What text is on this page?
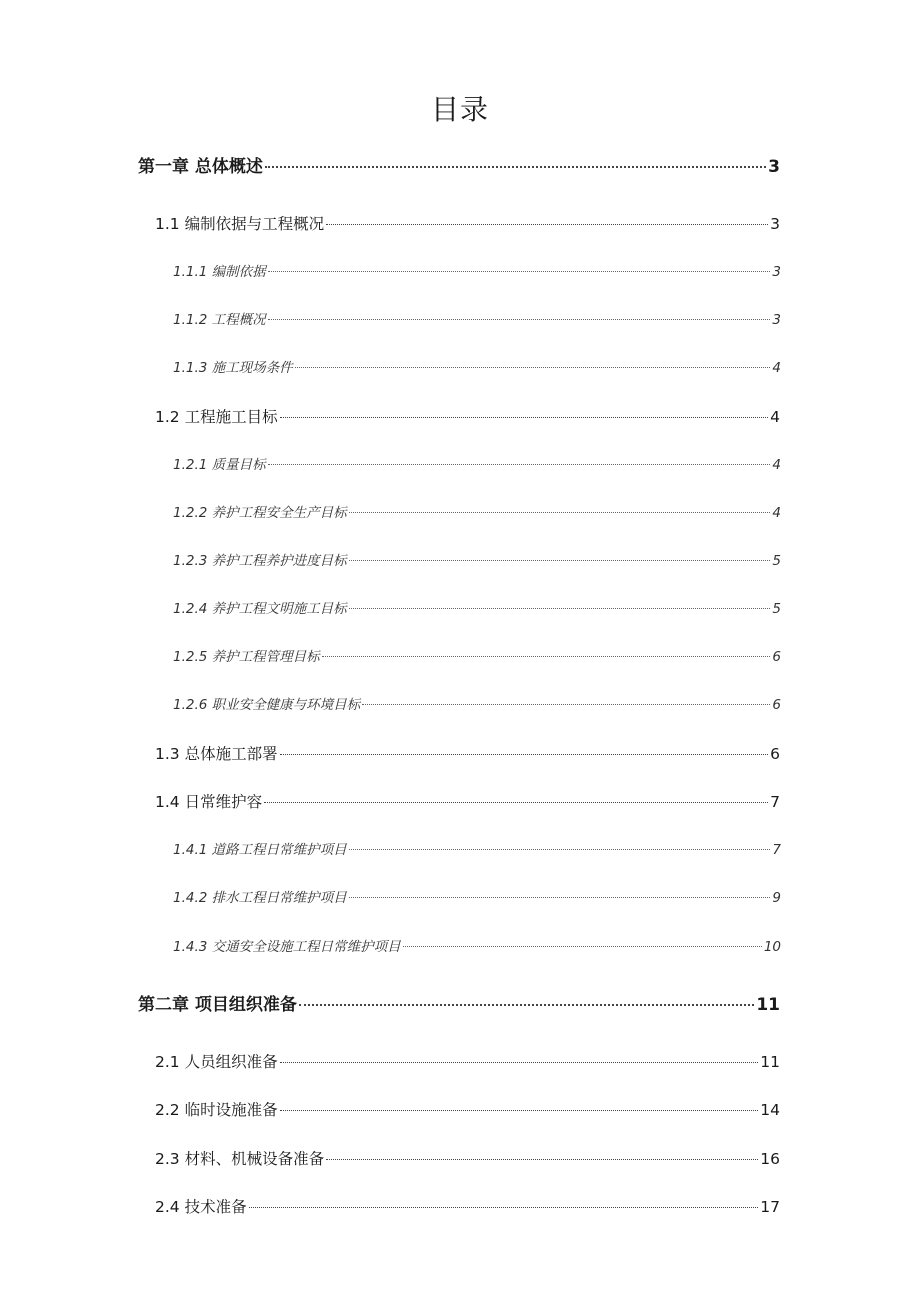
目录
第一章 总体概述	3
1.1 编制依据与工程概况	3
1.1.1 编制依据	3
1.1.2 工程概况	3
1.1.3 施工现场条件	4
1.2 工程施工目标	4
1.2.1 质量目标	4
1.2.2 养护工程安全生产目标	4
1.2.3 养护工程养护进度目标	5
1.2.4 养护工程文明施工目标	5
1.2.5 养护工程管理目标	6
1.2.6 职业安全健康与环境目标	6
1.3 总体施工部署	6
1.4 日常维护容	7
1.4.1 道路工程日常维护项目	7
1.4.2 排水工程日常维护项目	9
1.4.3 交通安全设施工程日常维护项目	10
第二章 项目组织准备	11
2.1 人员组织准备	11
2.2 临时设施准备	14
2.3 材料、机械设备准备	16
2.4 技术准备	17
